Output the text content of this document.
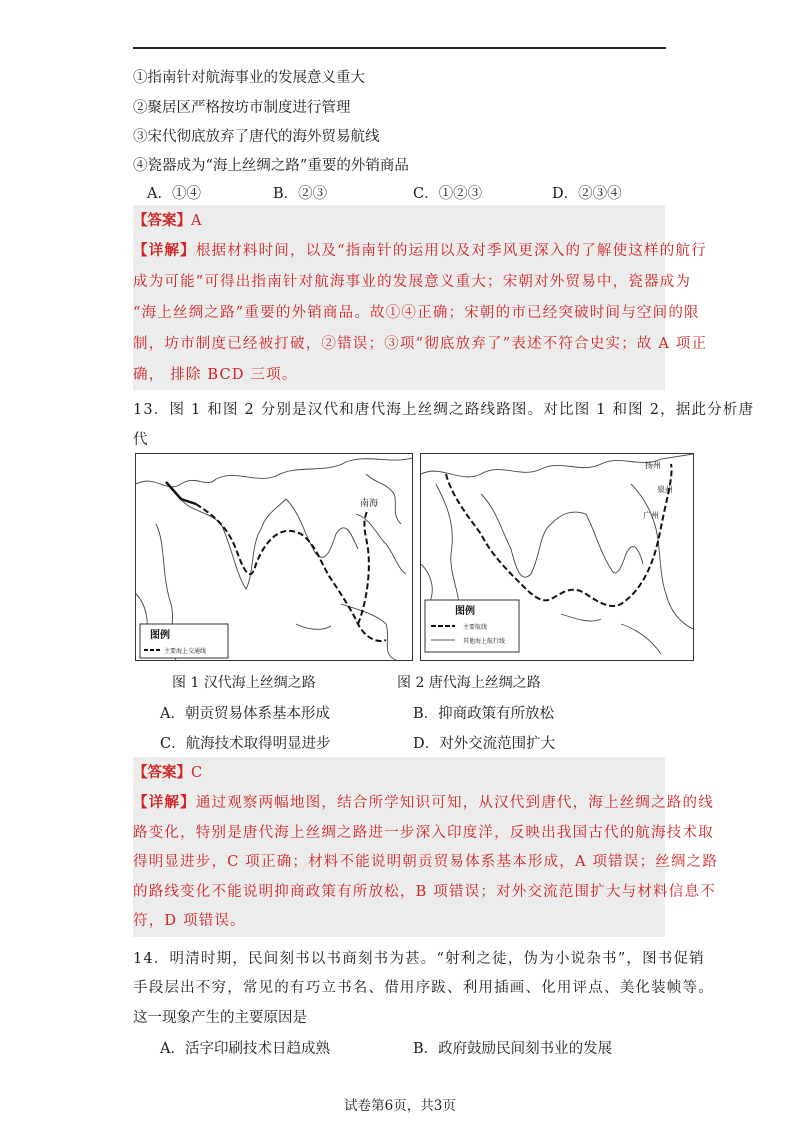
①指南针对航海事业的发展意义重大
②聚居区严格按坊市制度进行管理
③宋代彻底放弃了唐代的海外贸易航线
④瓷器成为“海上丝绸之路”重要的外销商品
A．①④	B．②③	C．①②③	D．②③④
【答案】A
【详解】根据材料时间，以及“指南针的运用以及对季风更深入的了解使这样的航行
成为可能”可得出指南针对航海事业的发展意义重大；宋朝对外贸易中，瓷器成为
“海上丝绸之路”重要的外销商品。故①④正确；宋朝的市已经突破时间与空间的限
制，坊市制度已经被打破，②错误；③项“彻底放弃了”表述不符合史实；故 A 项正
确， 排除 BCD 三项。
13．图 1 和图 2 分别是汉代和唐代海上丝绸之路线路图。对比图 1 和图 2，据此分析唐
代
南海
图例
主要海上交通线
扬州
泉州
广州
图例
主要航线
其他海上航行线
图 1 汉代海上丝绸之路	图 2 唐代海上丝绸之路
A．朝贡贸易体系基本形成	B．抑商政策有所放松
C．航海技术取得明显进步	D．对外交流范围扩大
【答案】C
【详解】通过观察两幅地图，结合所学知识可知，从汉代到唐代，海上丝绸之路的线
路变化，特别是唐代海上丝绸之路进一步深入印度洋，反映出我国古代的航海技术取
得明显进步，C 项正确；材料不能说明朝贡贸易体系基本形成，A 项错误；丝绸之路
的路线变化不能说明抑商政策有所放松，B 项错误；对外交流范围扩大与材料信息不
符，D 项错误。
14．明清时期，民间刻书以书商刻书为甚。“射利之徒，伪为小说杂书”，图书促销
手段层出不穷，常见的有巧立书名、借用序跋、利用插画、化用评点、美化装帧等。
这一现象产生的主要原因是
A．活字印刷技术日趋成熟	B．政府鼓励民间刻书业的发展
试卷第6页，共3页
